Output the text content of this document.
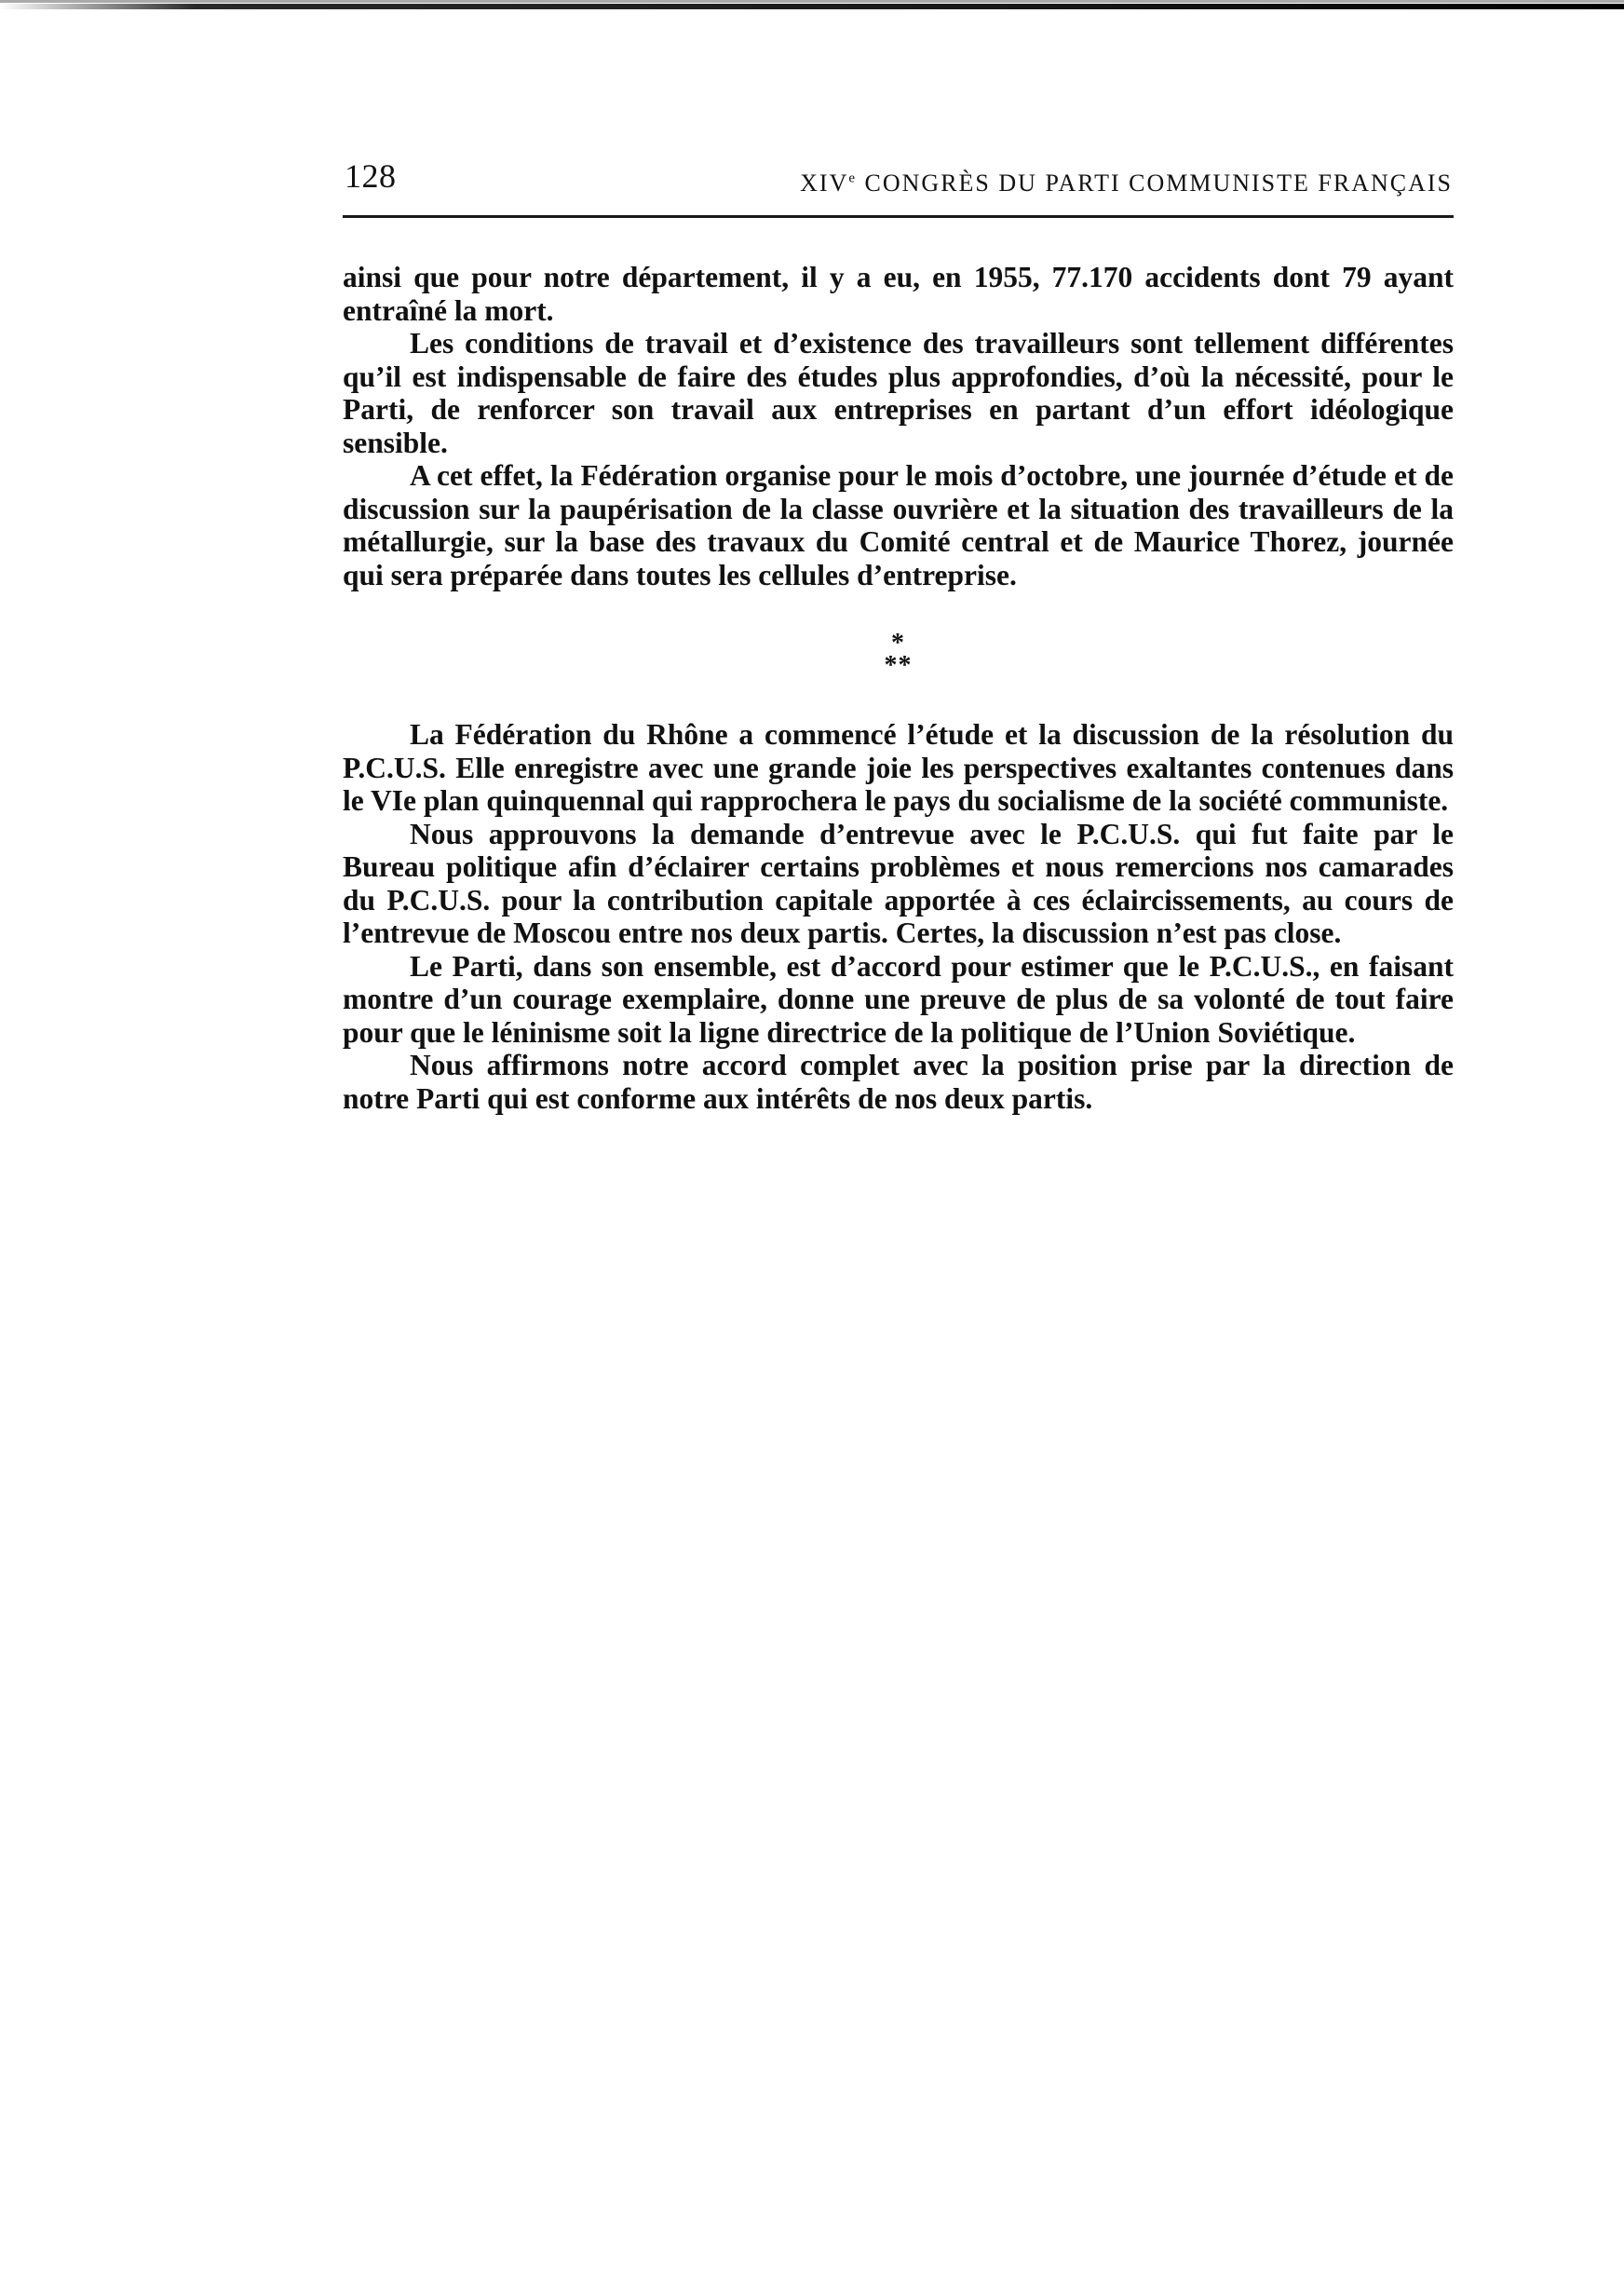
128	XIVe CONGRÈS DU PARTI COMMUNISTE FRANÇAIS

ainsi que pour notre département, il y a eu, en 1955, 77.170 accidents dont 79 ayant entraîné la mort.

Les conditions de travail et d’existence des travailleurs sont tellement différentes qu’il est indispensable de faire des études plus approfondies, d’où la nécessité, pour le Parti, de renforcer son travail aux entreprises en partant d’un effort idéologique sensible.

A cet effet, la Fédération organise pour le mois d’octobre, une journée d’étude et de discussion sur la paupérisation de la classe ouvrière et la situation des travailleurs de la métallurgie, sur la base des travaux du Comité central et de Maurice Thorez, journée qui sera préparée dans toutes les cellules d’entreprise.

*
**

La Fédération du Rhône a commencé l’étude et la discussion de la résolution du P.C.U.S. Elle enregistre avec une grande joie les perspectives exaltantes contenues dans le VIe plan quinquennal qui rapprochera le pays du socialisme de la société communiste.

Nous approuvons la demande d’entrevue avec le P.C.U.S. qui fut faite par le Bureau politique afin d’éclairer certains problèmes et nous remercions nos camarades du P.C.U.S. pour la contribution capitale apportée à ces éclaircissements, au cours de l’entrevue de Moscou entre nos deux partis. Certes, la discussion n’est pas close.

Le Parti, dans son ensemble, est d’accord pour estimer que le P.C.U.S., en faisant montre d’un courage exemplaire, donne une preuve de plus de sa volonté de tout faire pour que le léninisme soit la ligne directrice de la politique de l’Union Soviétique.

Nous affirmons notre accord complet avec la position prise par la direction de notre Parti qui est conforme aux intérêts de nos deux partis.
